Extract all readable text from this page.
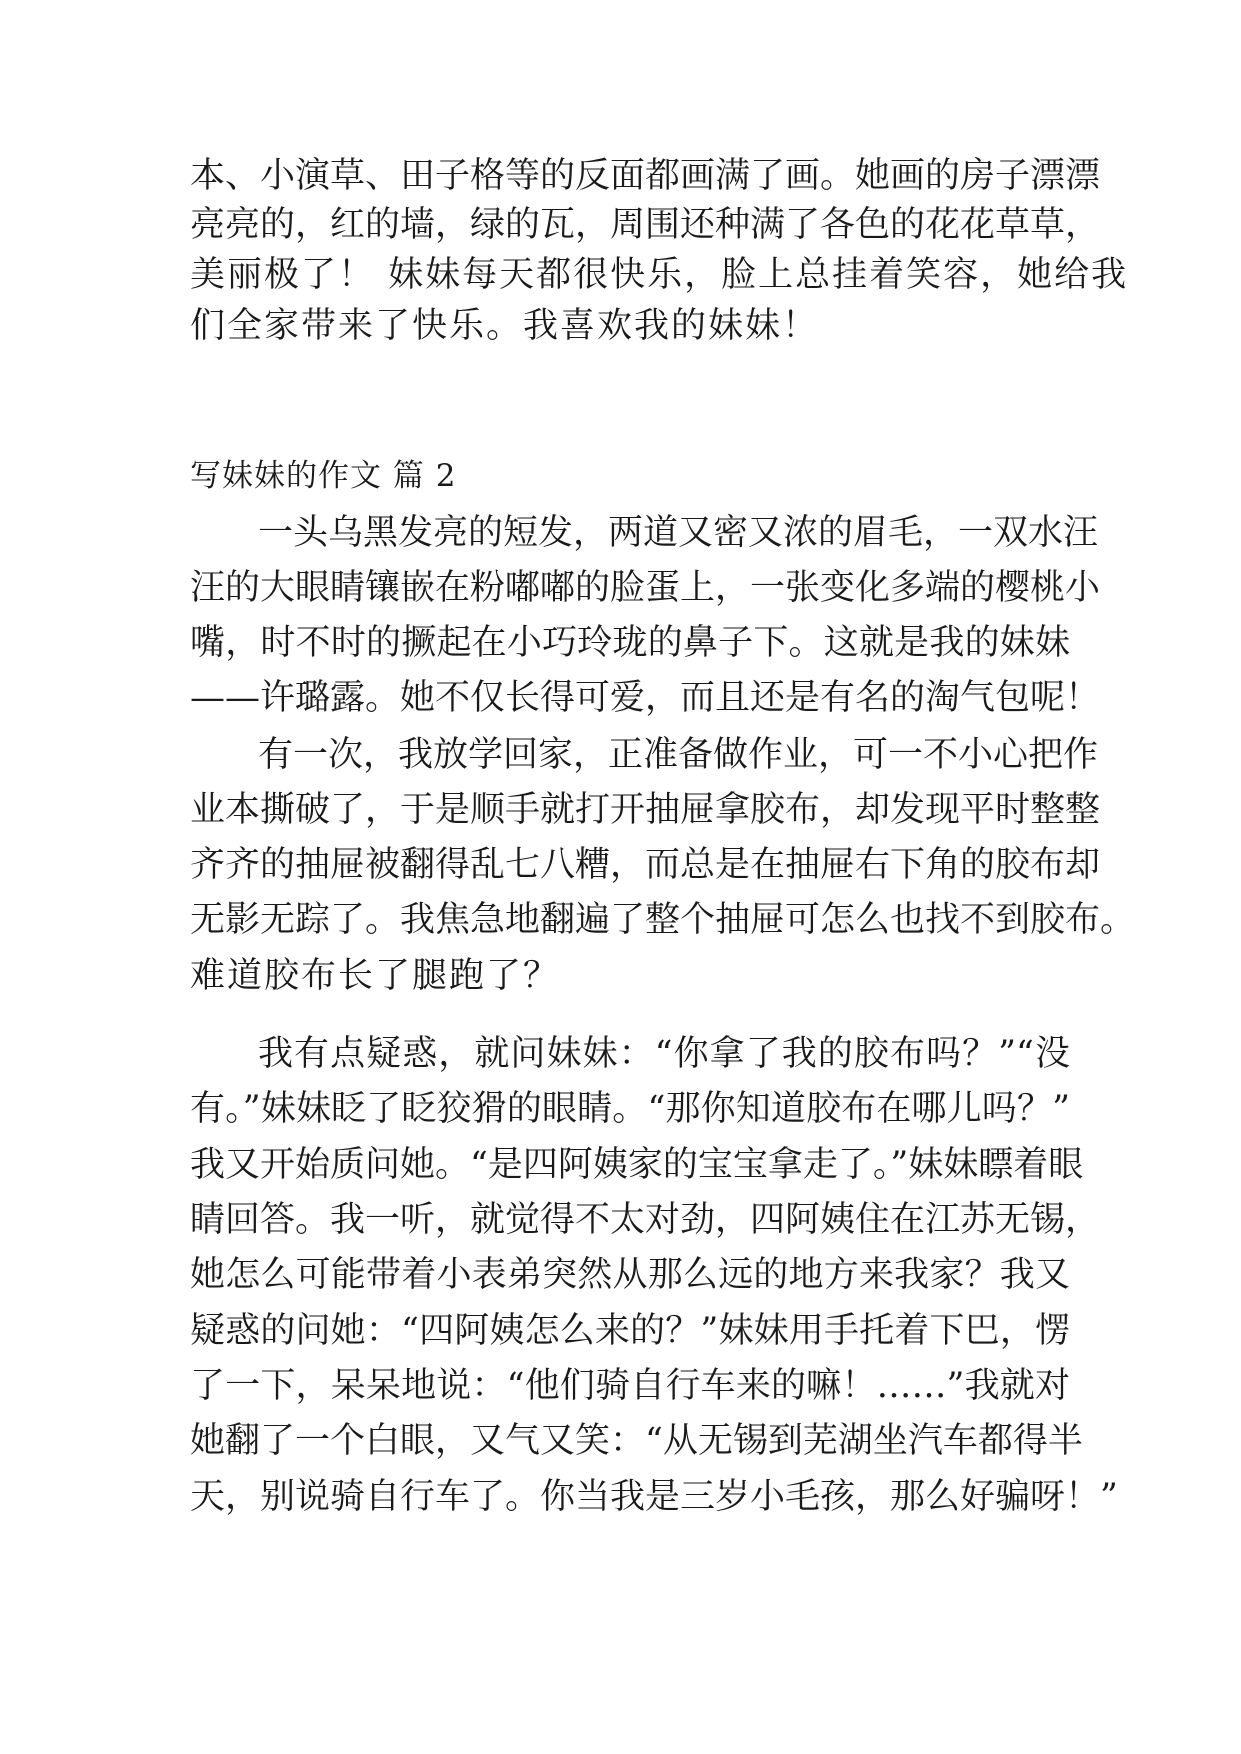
本、小演草、田子格等的反面都画满了画。她画的房子漂漂
亮亮的，红的墙，绿的瓦，周围还种满了各色的花花草草，
美丽极了！ 妹妹每天都很快乐，脸上总挂着笑容，她给我
们全家带来了快乐。我喜欢我的妹妹！
写妹妹的作文 篇 2
一头乌黑发亮的短发，两道又密又浓的眉毛，一双水汪
汪的大眼睛镶嵌在粉嘟嘟的脸蛋上，一张变化多端的樱桃小
嘴，时不时的撅起在小巧玲珑的鼻子下。这就是我的妹妹
——许璐露。她不仅长得可爱，而且还是有名的淘气包呢！
有一次，我放学回家，正准备做作业，可一不小心把作
业本撕破了，于是顺手就打开抽屉拿胶布，却发现平时整整
齐齐的抽屉被翻得乱七八糟，而总是在抽屉右下角的胶布却
无影无踪了。我焦急地翻遍了整个抽屉可怎么也找不到胶布。
难道胶布长了腿跑了？
我有点疑惑，就问妹妹：“你拿了我的胶布吗？”“没
有。”妹妹眨了眨狡猾的眼睛。“那你知道胶布在哪儿吗？”
我又开始质问她。“是四阿姨家的宝宝拿走了。”妹妹瞟着眼
睛回答。我一听，就觉得不太对劲，四阿姨住在江苏无锡，
她怎么可能带着小表弟突然从那么远的地方来我家？我又
疑惑的问她：“四阿姨怎么来的？”妹妹用手托着下巴，愣
了一下，呆呆地说：“他们骑自行车来的嘛！……”我就对
她翻了一个白眼，又气又笑：“从无锡到芜湖坐汽车都得半
天，别说骑自行车了。你当我是三岁小毛孩，那么好骗呀！”
